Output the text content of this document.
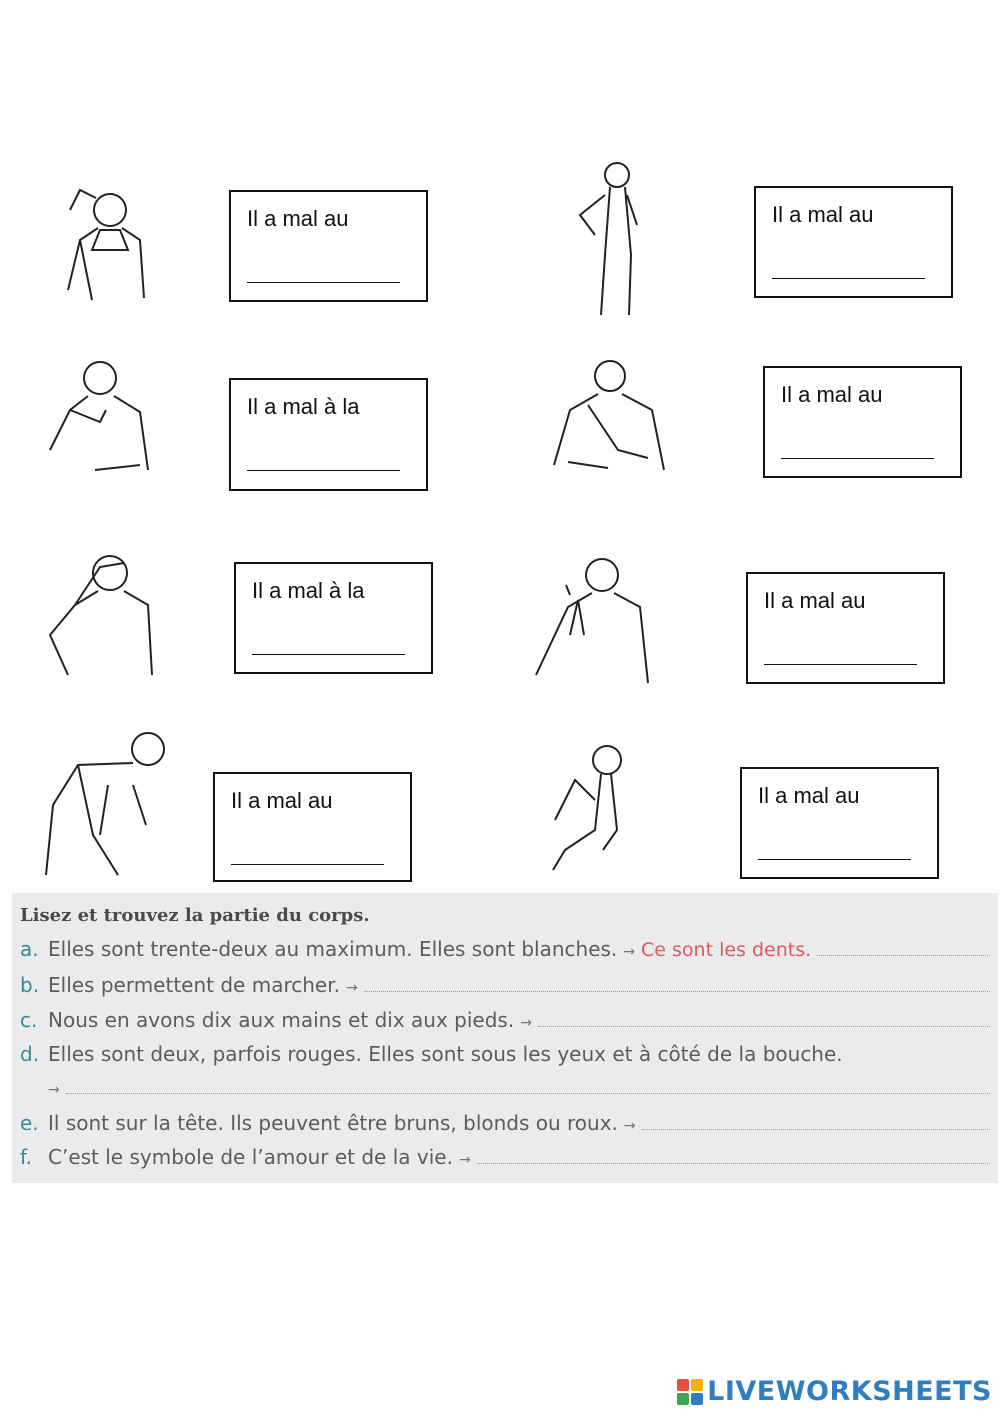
Il a mal au	Il a mal au
Il a mal à la	Il a mal au
Il a mal à la	Il a mal au
Il a mal au	Il a mal au
Lisez et trouvez la partie du corps.
a. Elles sont trente-deux au maximum. Elles sont blanches. → Ce sont les dents.
b. Elles permettent de marcher. →
c. Nous en avons dix aux mains et dix aux pieds. →
d. Elles sont deux, parfois rouges. Elles sont sous les yeux et à côté de la bouche.
→
e. Il sont sur la tête. Ils peuvent être bruns, blonds ou roux. →
f. C’est le symbole de l’amour et de la vie. →
LIVEWORKSHEETS
